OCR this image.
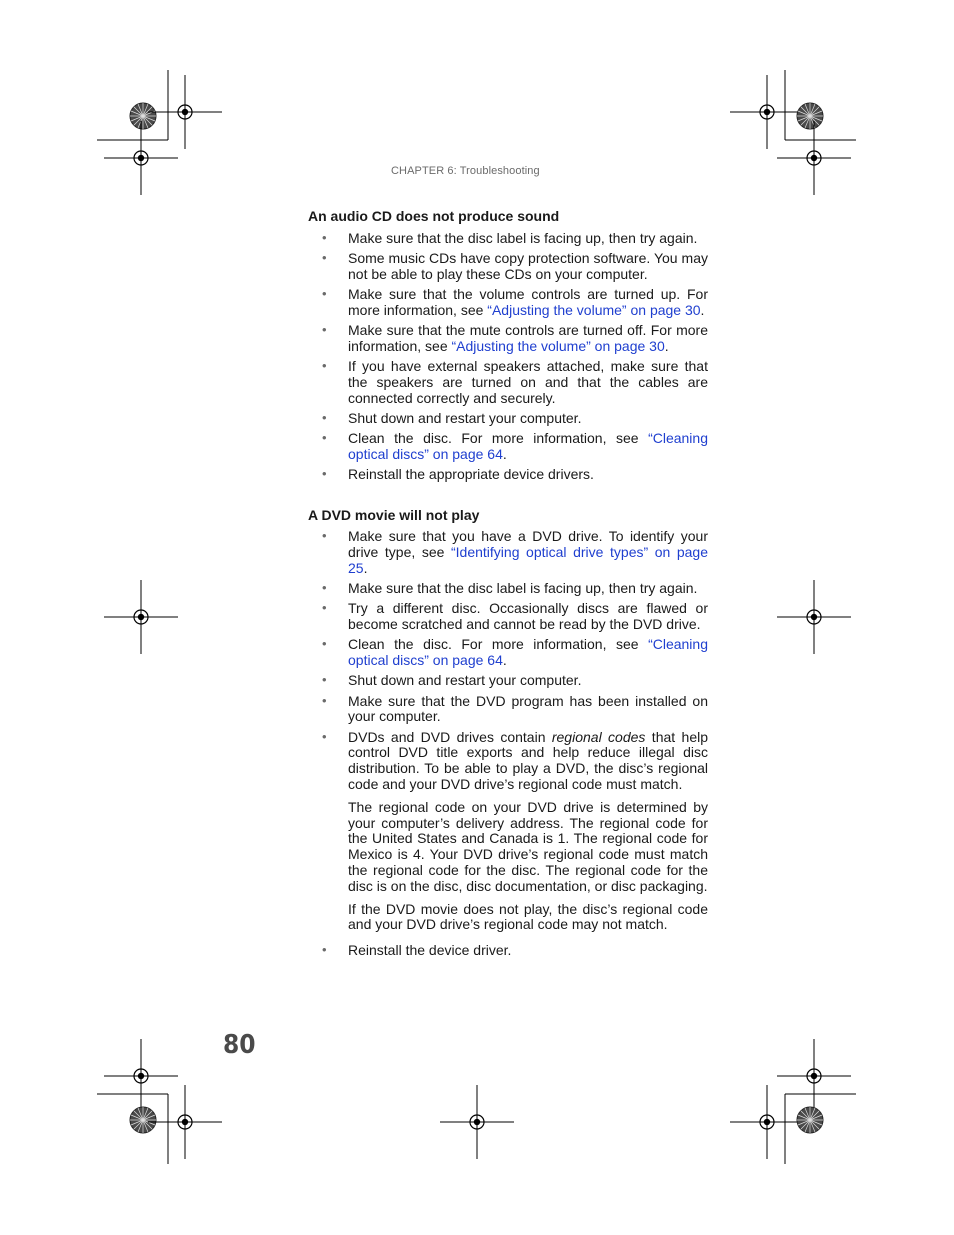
CHAPTER 6: Troubleshooting
An audio CD does not produce sound
• Make sure that the disc label is facing up, then try again.
• Some music CDs have copy protection software. You may not be able to play these CDs on your computer.
• Make sure that the volume controls are turned up. For more information, see “Adjusting the volume” on page 30.
• Make sure that the mute controls are turned off. For more information, see “Adjusting the volume” on page 30.
• If you have external speakers attached, make sure that the speakers are turned on and that the cables are connected correctly and securely.
• Shut down and restart your computer.
• Clean the disc. For more information, see “Cleaning optical discs” on page 64.
• Reinstall the appropriate device drivers.
A DVD movie will not play
• Make sure that you have a DVD drive. To identify your drive type, see “Identifying optical drive types” on page 25.
• Make sure that the disc label is facing up, then try again.
• Try a different disc. Occasionally discs are flawed or become scratched and cannot be read by the DVD drive.
• Clean the disc. For more information, see “Cleaning optical discs” on page 64.
• Shut down and restart your computer.
• Make sure that the DVD program has been installed on your computer.
• DVDs and DVD drives contain regional codes that help control DVD title exports and help reduce illegal disc distribution. To be able to play a DVD, the disc’s regional code and your DVD drive’s regional code must match.

The regional code on your DVD drive is determined by your computer’s delivery address. The regional code for the United States and Canada is 1. The regional code for Mexico is 4. Your DVD drive’s regional code must match the regional code for the disc. The regional code for the disc is on the disc, disc documentation, or disc packaging.

If the DVD movie does not play, the disc’s regional code and your DVD drive’s regional code may not match.

• Reinstall the device driver.
80
